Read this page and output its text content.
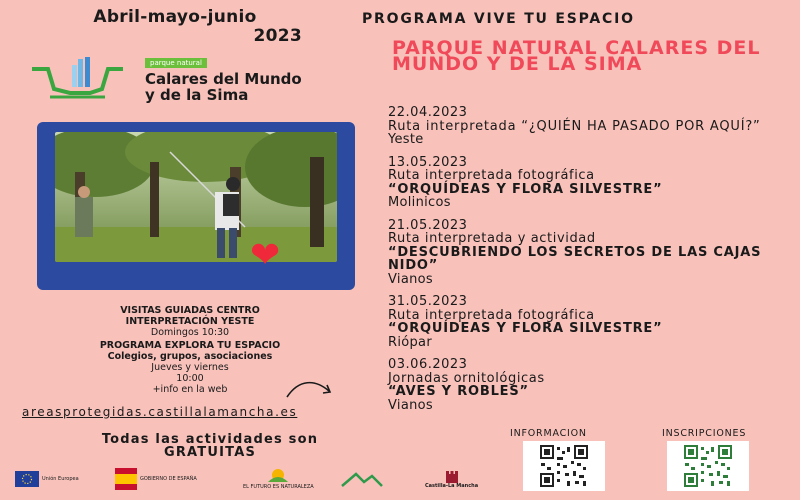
Abril-mayo-junio
2023
parque natural
Calares del Mundo
y de la Sima
❤
VISITAS GUIADAS CENTRO
INTERPRETACIÓN YESTE
Domingos 10:30
PROGRAMA EXPLORA TU ESPACIO
Colegios, grupos, asociaciones
Jueves y viernes
10:00
+info en la web
areasprotegidas.castillalamancha.es
Todas las actividades son
GRATUITAS
Unión Europea	GOBIERNO DE ESPAÑA
EL FUTURO ES NATURALEZA	Castilla-La Mancha
PROGRAMA VIVE TU ESPACIO
PARQUE NATURAL CALARES DEL MUNDO Y DE LA SIMA
22.04.2023
Ruta interpretada “¿QUIÉN HA PASADO POR AQUÍ?”
Yeste
13.05.2023
Ruta interpretada fotográfica
“ORQUÍDEAS Y FLORA SILVESTRE”
Molinicos
21.05.2023
Ruta interpretada y actividad
“DESCUBRIENDO LOS SECRETOS DE LAS CAJAS NIDO”
Vianos
31.05.2023
Ruta interpretada fotográfica
“ORQUÍDEAS Y FLORA SILVESTRE”
Riópar
03.06.2023
Jornadas ornitológicas
“AVES Y ROBLES”
Vianos
INFORMACION	INSCRIPCIONES
